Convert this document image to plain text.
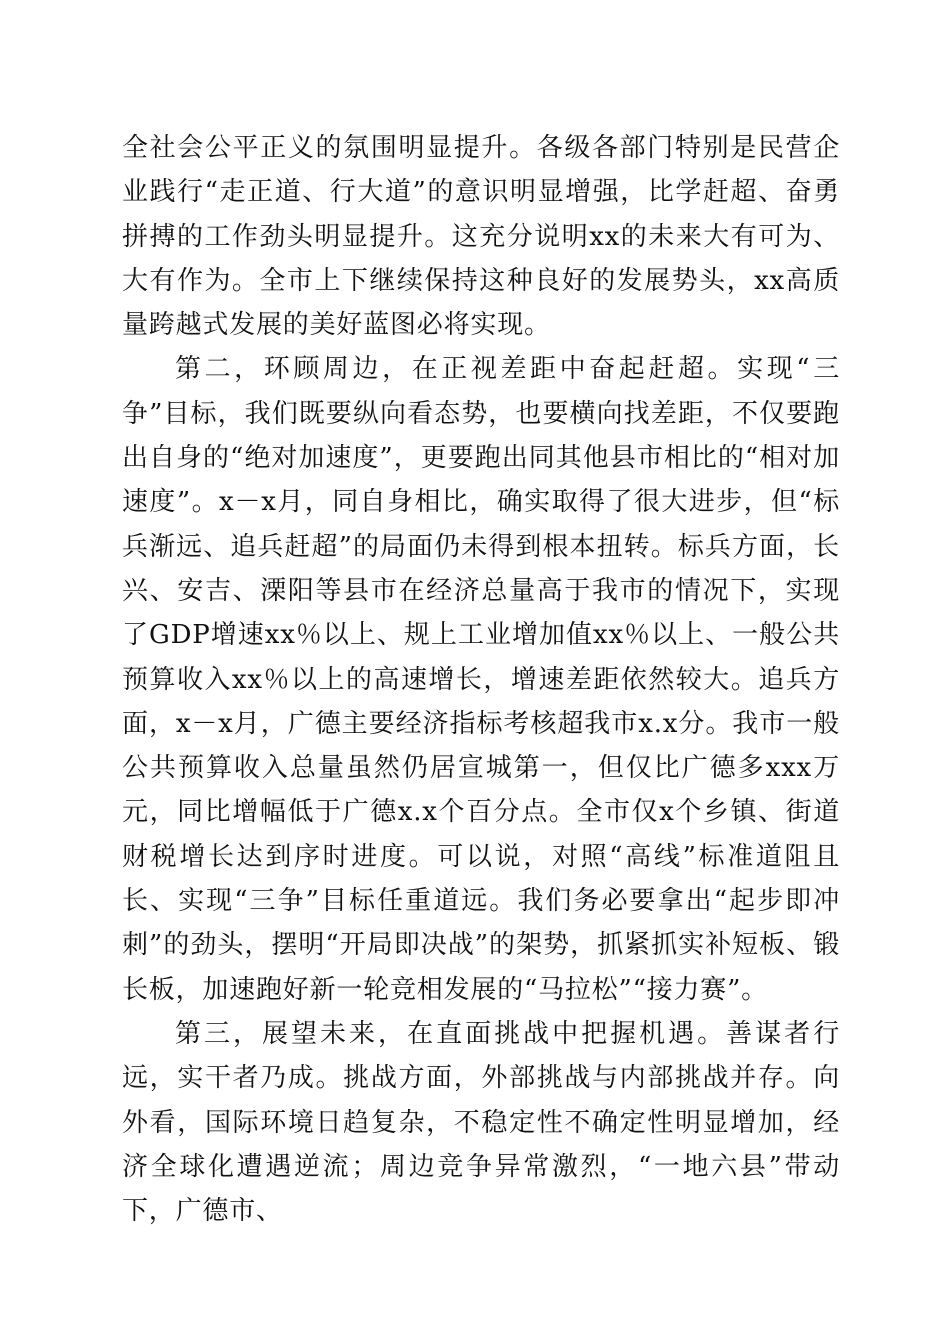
全社会公平正义的氛围明显提升。各级各部门特别是民营企业践行“走正道、行大道”的意识明显增强，比学赶超、奋勇拼搏的工作劲头明显提升。这充分说明xx的未来大有可为、大有作为。全市上下继续保持这种良好的发展势头，xx高质量跨越式发展的美好蓝图必将实现。

第二，环顾周边，在正视差距中奋起赶超。实现“三争”目标，我们既要纵向看态势，也要横向找差距，不仅要跑出自身的“绝对加速度”，更要跑出同其他县市相比的“相对加速度”。x－x月，同自身相比，确实取得了很大进步，但“标兵渐远、追兵赶超”的局面仍未得到根本扭转。标兵方面，长兴、安吉、溧阳等县市在经济总量高于我市的情况下，实现了GDP增速xx％以上、规上工业增加值xx％以上、一般公共预算收入xx％以上的高速增长，增速差距依然较大。追兵方面，x－x月，广德主要经济指标考核超我市x.x分。我市一般公共预算收入总量虽然仍居宣城第一，但仅比广德多xxx万元，同比增幅低于广德x.x个百分点。全市仅x个乡镇、街道财税增长达到序时进度。可以说，对照“高线”标准道阻且长、实现“三争”目标任重道远。我们务必要拿出“起步即冲刺”的劲头，摆明“开局即决战”的架势，抓紧抓实补短板、锻长板，加速跑好新一轮竞相发展的“马拉松”“接力赛”。

第三，展望未来，在直面挑战中把握机遇。善谋者行远，实干者乃成。挑战方面，外部挑战与内部挑战并存。向外看，国际环境日趋复杂，不稳定性不确定性明显增加，经济全球化遭遇逆流；周边竞争异常激烈，“一地六县”带动下，广德市、
